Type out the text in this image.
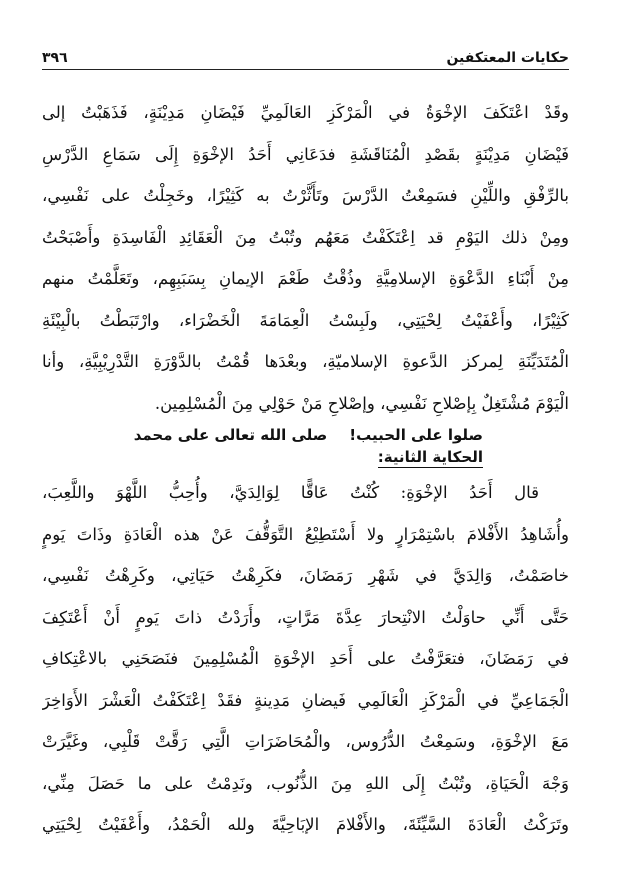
٣٩٦	حكايات المعتكفين
وقَدْ اعْتَكَفَ الإخْوَةُ في الْمَرْكَزِ العَالَمِيِّ فَيْضَانِ مَدِيْنَةٍ، فَذَهَبْتُ إلى
فَيْضَانِ مَدِيْنَةٍ بقَصْدِ الْمُنَاقَشَةِ فدَعَانِي أَحَدُ الإخْوَةِ إِلَى سَمَاعِ الدَّرْسِ
بالرِّفْقِ واللِّيْنِ فسَمِعْتُ الدَّرْسَ وتَأَثَّرْتُ به كَثِيْرًا، وخَجِلْتُ على نَفْسِي،
ومِنْ ذلك اليَوْمِ قد اِعْتَكَفْتُ مَعَهُم وتُبْتُ مِنَ الْعَقَائِدِ الْفَاسِدَةِ وأَصْبَحْتُ
مِنْ أَبْنَاءِ الدَّعْوَةِ الإسلامِيَّةِ وذُقْتُ طَعْمَ الإيمانِ بِسَبَبِهِم، وتَعَلَّمْتُ منهم
كَثِيْرًا، وأَعْفَيْتُ لِحْيَتِي، ولَبِسْتُ الْعِمَامَةَ الْخَضْرَاء، وارْتَبَطْتُ بالْبِيْئَةِ
الْمُتَدَيِّنَةِ لِمركز الدَّعوةِ الإسلاميّةِ، وبعْدَها قُمْتُ بالدَّوْرَةِ التَّدْرِيْبِيَّةِ، وأنا
الْيَوْمَ مُشْتَغِلٌ بِإصْلاحِ نَفْسِي، وإصْلاحِ مَنْ حَوْلِي مِنَ الْمُسْلِمِين.
صلوا على الحبيب!صلى الله تعالى على محمد
الحكاية الثانية:
قال أَحَدُ الإخْوَةِ: كُنْتُ عَاقًّا لِوَالِدَيَّ، وأُحِبُّ اللَّهْوَ واللَّعِبَ،
وأُشَاهِدُ الأَفْلامَ باسْتِمْرَارٍ ولا أَسْتَطِيْعُ التَّوَقُّفَ عَنْ هذه الْعَادَةِ وذَاتَ يَومٍ
خاصَمْتُ، وَالِدَيَّ في شَهْرِ رَمَضَانَ، فكَرِهْتُ حَيَاتِي، وكَرِهْتُ نَفْسِي،
حَتَّى أَنِّي حاوَلْتُ الانْتِحارَ عِدَّةَ مَرَّاتٍ، وأَرَدْتُ ذاتَ يَومٍ أَنْ أَعْتَكِفَ
في رَمَضَانَ، فتعَرَّفْتُ على أَحَدِ الإخْوَةِ الْمُسْلِمِينَ فنَصَحَنِي بالاعْتِكافِ
الْجَمَاعِيِّ في الْمَرْكَزِ الْعَالَمِي فَيضانِ مَدِينةٍ فقَدْ اِعْتَكَفْتُ الْعَشْرَ الأَوَاخِرَ
مَعَ الإخْوَةِ، وسَمِعْتُ الدُّرُوس، والْمُحَاضَرَاتِ الَّتِي رَقَّتْ قَلْبِي، وغَيَّرَتْ
وَجْهَ الْحَيَاةِ، وتُبْتُ إِلَى اللهِ مِنَ الذُّنُوب، ونَدِمْتُ على ما حَصَلَ مِنِّي،
وتَرَكْتُ الْعَادَةَ السَّيِّئَةَ، والأَفْلامَ الإبَاحِيَّةَ ولله الْحَمْدُ، وأَعْفَيْتُ لِحْيَتِي
